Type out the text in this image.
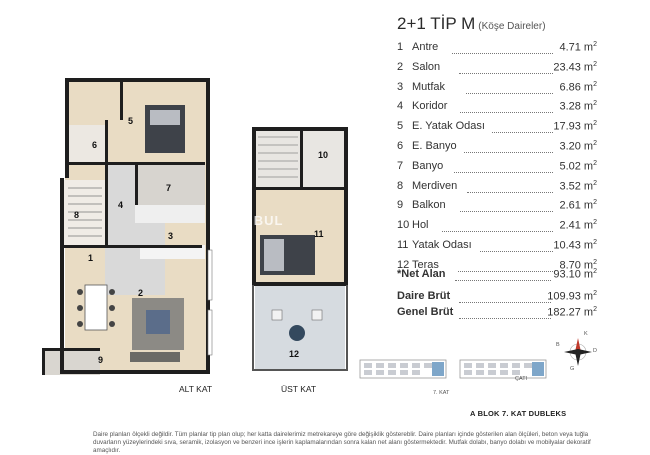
2+1 TİP M (Köşe Daireler)
1 Antre	4.71 $m^2$
2 Salon	23.43 $m^2$
3 Mutfak	6.86 $m^2$
4 Koridor	3.28 $m^2$
5 E. Yatak Odası	17.93 $m^2$
6 E. Banyo	3.20 $m^2$
7 Banyo	5.02 $m^2$
8 Merdiven	3.52 $m^2$
9 Balkon	2.61 $m^2$
10 Hol	2.41 $m^2$
11 Yatak Odası	10.43 $m^2$
12 Teras	8.70 $m^2$
*Net Alan	93.10 $m^2$
Daire Brüt	109.93 $m^2$
Genel Brüt	182.27 $m^2$
5
6
7
4
8
3
1
2
9
ALT KAT
10
11
12
ÜST KAT
ANBUL
7. KAT
ÇATI
B
K
D
G
A BLOK 7. KAT DUBLEKS
Daire planları ölçekli değildir. Tüm planlar tip plan olup; her katta dairelerimiz metrekareye göre değişiklik göstereblir. Daire planları içinde gösterilen alan ölçüleri, beton veya tuğla duvarların yüzeylerindeki sıva, seramik, izolasyon ve benzeri ince işlerin kaplamalarından sonra kalan net alanı göstermektedir. Mutfak dolabı, banyo dolabı ve mobilyalar dekoratif amaçlıdır.
